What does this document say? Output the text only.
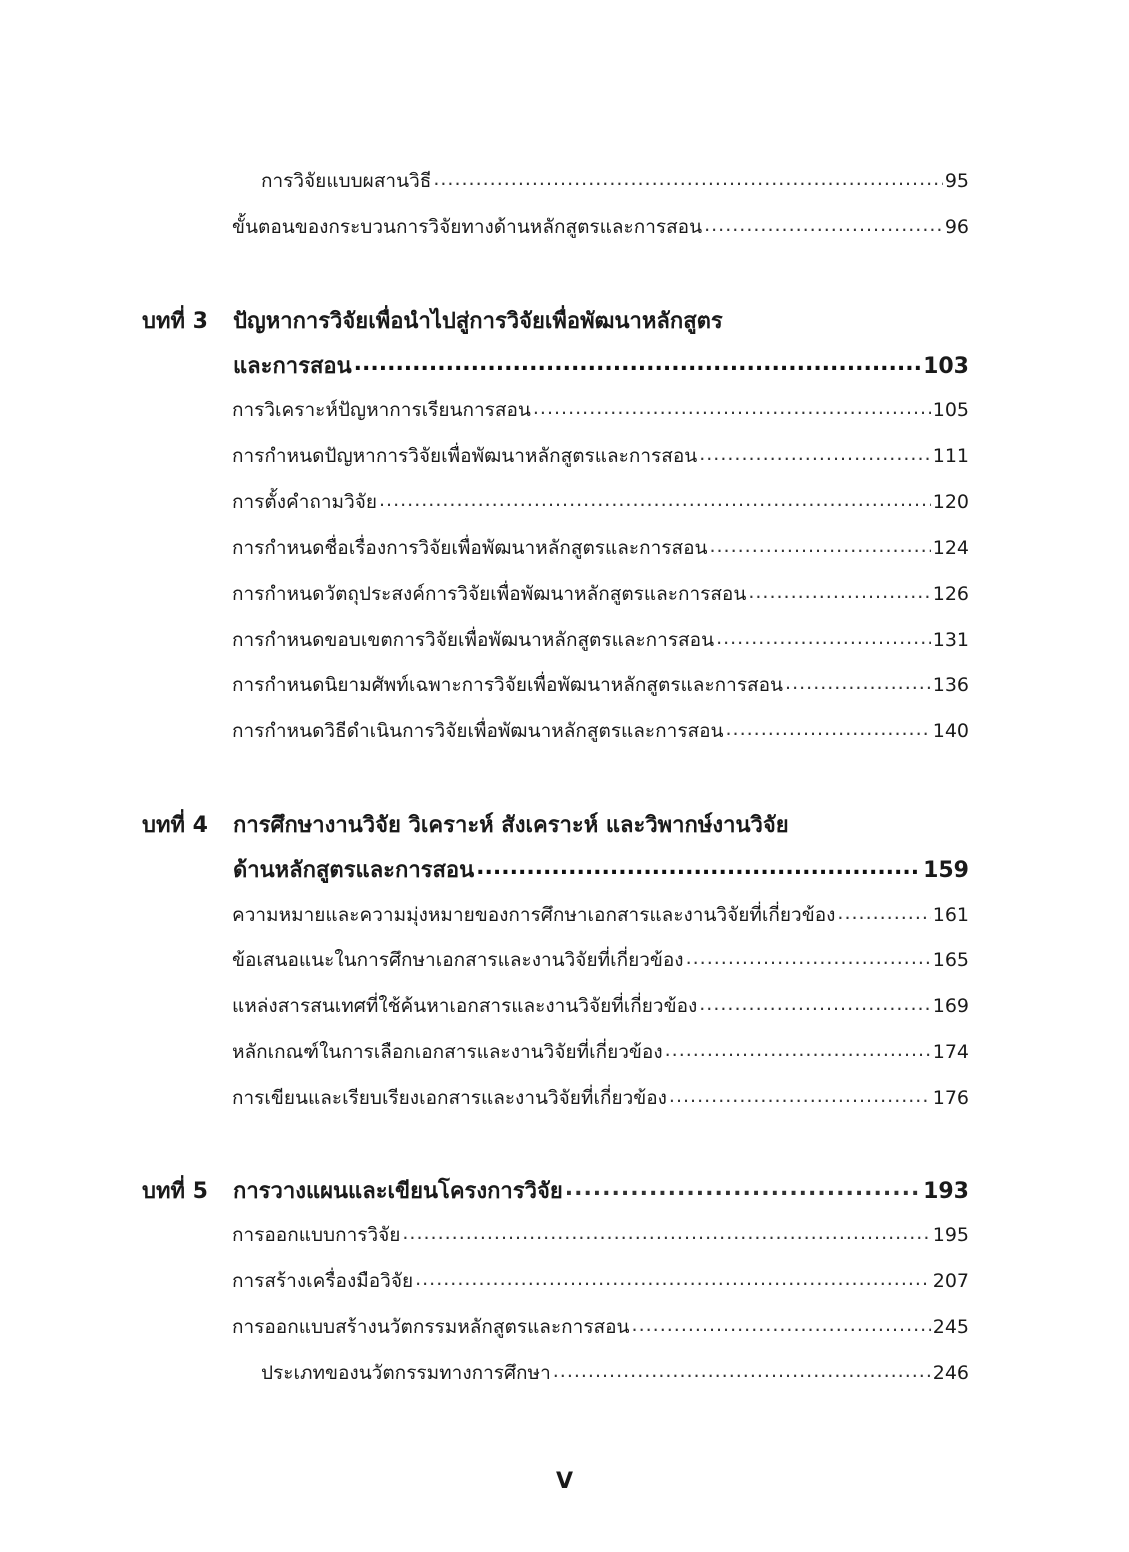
การวิจัยแบบผสานวิธี .....	95
ขั้นตอนของกระบวนการวิจัยทางด้านหลักสูตรและการสอน .....	96
บทที่ 3	ปัญหาการวิจัยเพื่อนำไปสู่การวิจัยเพื่อพัฒนาหลักสูตร
และการสอน .....	103
การวิเคราะห์ปัญหาการเรียนการสอน .....	105
การกำหนดปัญหาการวิจัยเพื่อพัฒนาหลักสูตรและการสอน .....	111
การตั้งคำถามวิจัย .....	120
การกำหนดชื่อเรื่องการวิจัยเพื่อพัฒนาหลักสูตรและการสอน .....	124
การกำหนดวัตถุประสงค์การวิจัยเพื่อพัฒนาหลักสูตรและการสอน .....	126
การกำหนดขอบเขตการวิจัยเพื่อพัฒนาหลักสูตรและการสอน .....	131
การกำหนดนิยามศัพท์เฉพาะการวิจัยเพื่อพัฒนาหลักสูตรและการสอน .....	136
การกำหนดวิธีดำเนินการวิจัยเพื่อพัฒนาหลักสูตรและการสอน .....	140
บทที่ 4	การศึกษางานวิจัย วิเคราะห์ สังเคราะห์ และวิพากษ์งานวิจัย
ด้านหลักสูตรและการสอน .....	159
ความหมายและความมุ่งหมายของการศึกษาเอกสารและงานวิจัยที่เกี่ยวข้อง .....	161
ข้อเสนอแนะในการศึกษาเอกสารและงานวิจัยที่เกี่ยวข้อง .....	165
แหล่งสารสนเทศที่ใช้ค้นหาเอกสารและงานวิจัยที่เกี่ยวข้อง .....	169
หลักเกณฑ์ในการเลือกเอกสารและงานวิจัยที่เกี่ยวข้อง .....	174
การเขียนและเรียบเรียงเอกสารและงานวิจัยที่เกี่ยวข้อง .....	176
บทที่ 5	การวางแผนและเขียนโครงการวิจัย .....	193
การออกแบบการวิจัย .....	195
การสร้างเครื่องมือวิจัย .....	207
การออกแบบสร้างนวัตกรรมหลักสูตรและการสอน .....	245
ประเภทของนวัตกรรมทางการศึกษา .....	246
V
